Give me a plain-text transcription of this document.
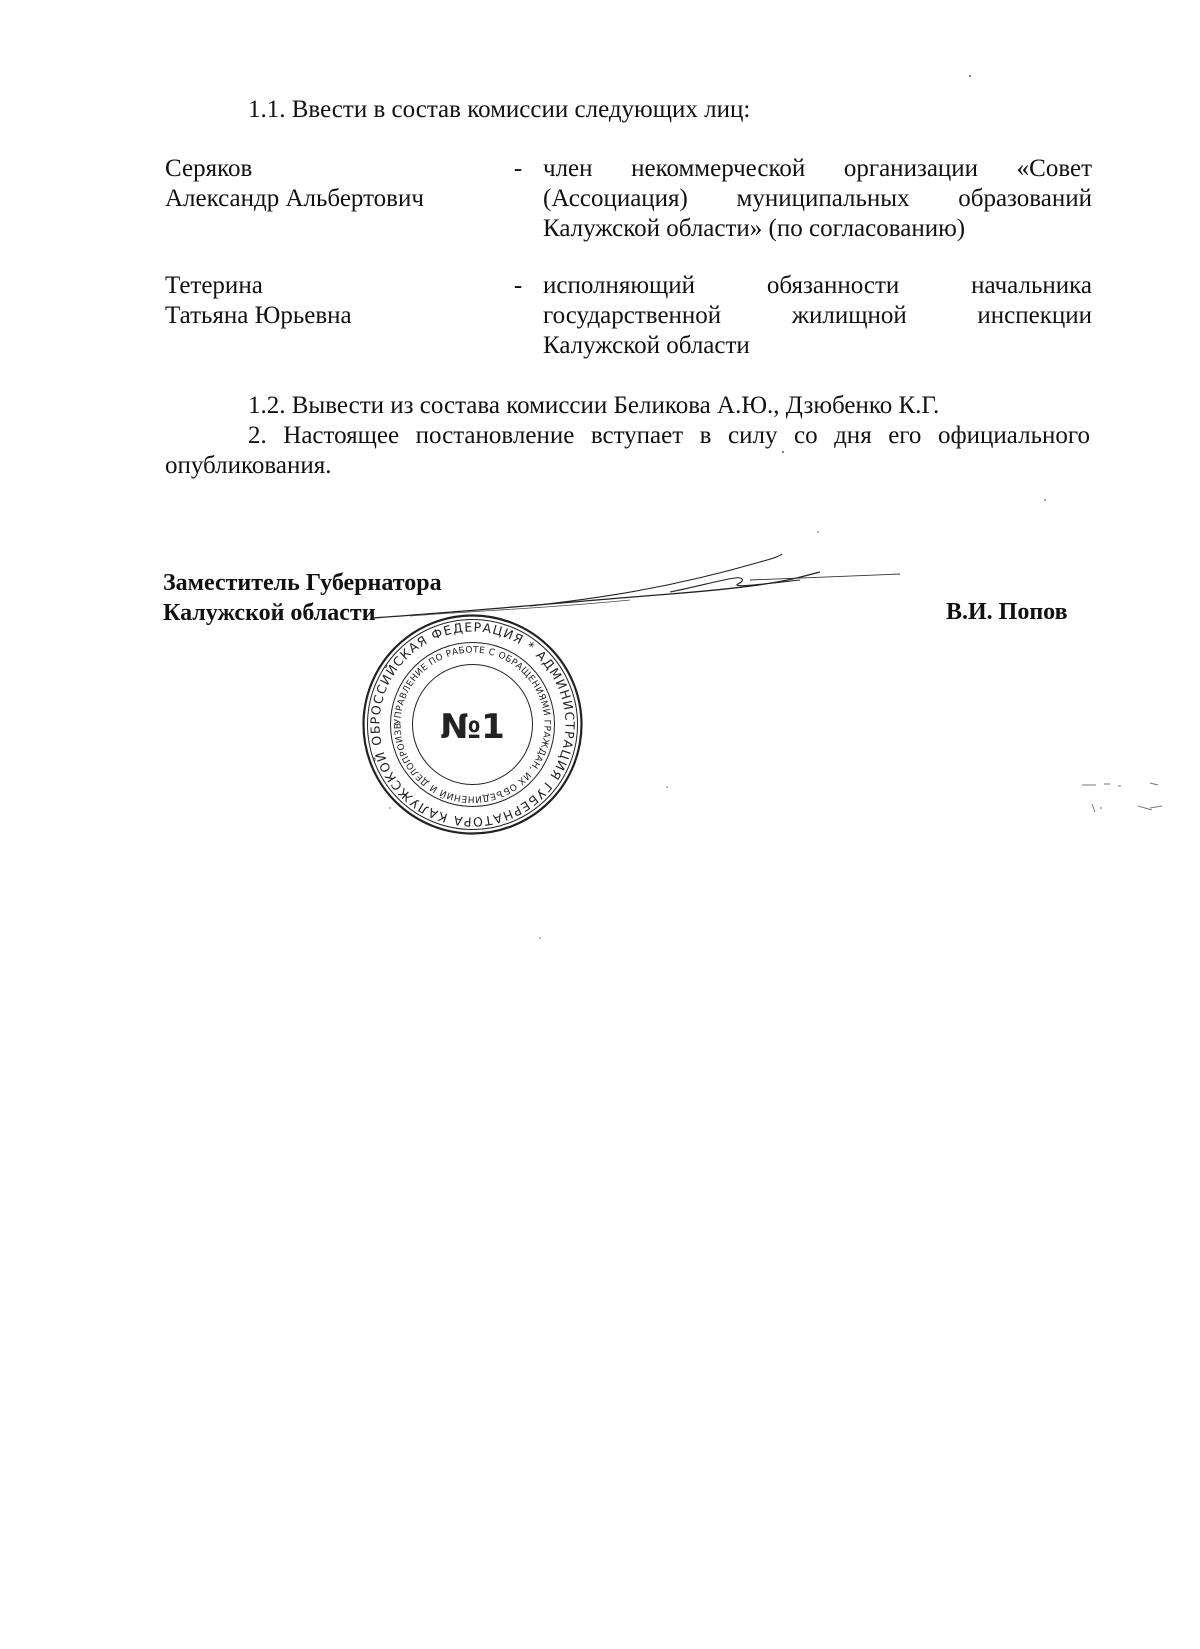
1.1. Ввести в состав комиссии следующих лиц:
Серяков
Александр Альбертович
- член некоммерческой организации «Совет
(Ассоциация) муниципальных образований
Калужской области» (по согласованию)
Тетерина
Татьяна Юрьевна
- исполняющий обязанности начальника
государственной жилищной инспекции
Калужской области
1.2. Вывести из состава комиссии Беликова А.Ю., Дзюбенко К.Г.
2. Настоящее постановление вступает в силу со дня его официального
опубликования.
Заместитель Губернатора
Калужской области	В.И. Попов
РОССИЙСКАЯ ФЕДЕРАЦИЯ * АДМИНИСТРАЦИЯ ГУБЕРНАТОРА КАЛУЖСКОЙ ОБ
УПРАВЛЕНИЕ ПО РАБОТЕ С ОБРАЩЕНИЯМИ ГРАЖДАН, ИХ ОБЪЕДИНЕНИЙ И ДЕЛОПРОИЗВ	№1
